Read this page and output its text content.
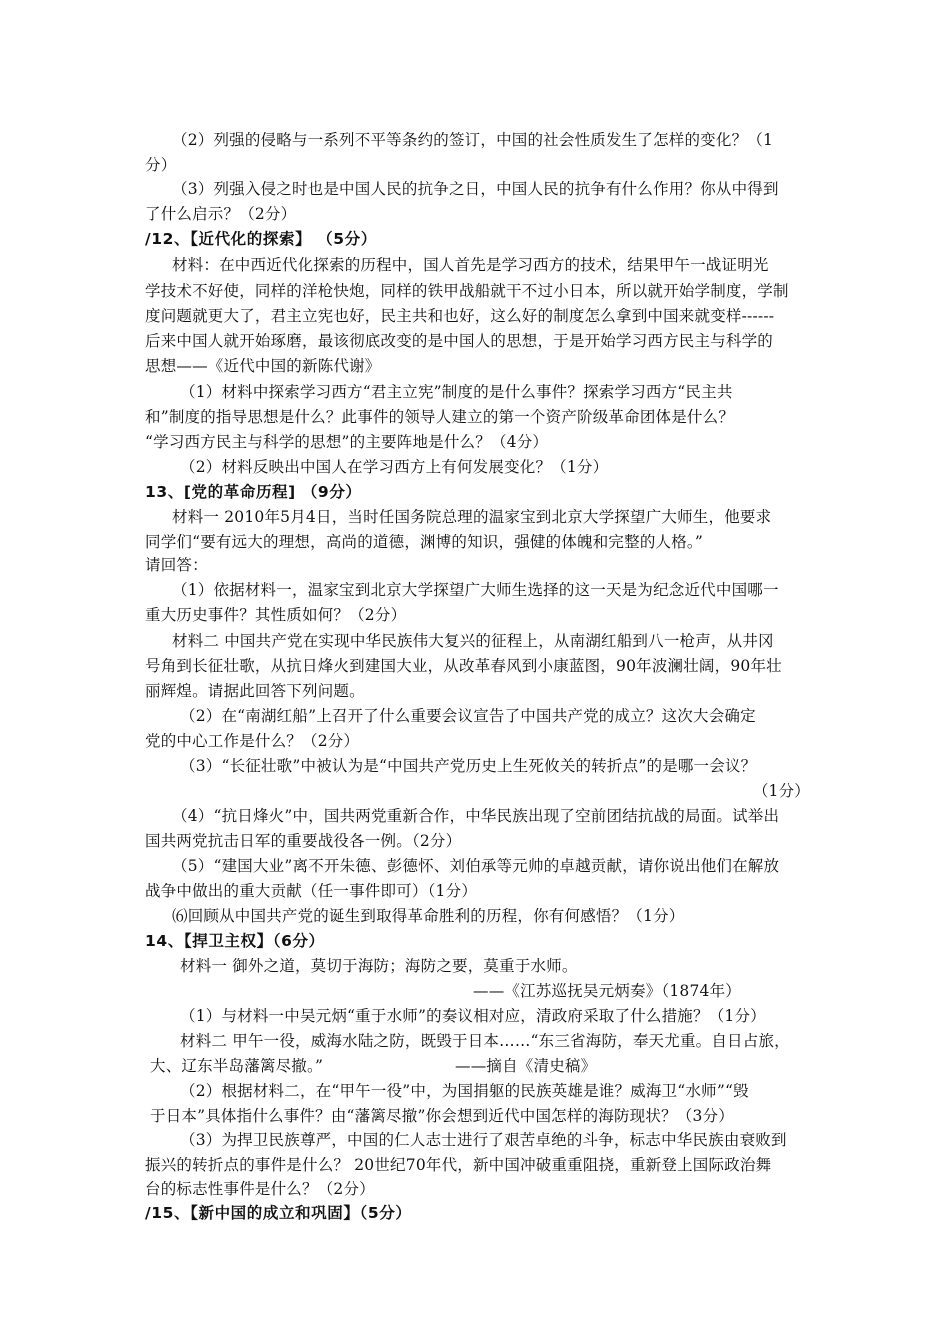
（2）列强的侵略与一系列不平等条约的签订，中国的社会性质发生了怎样的变化？（1
分）
（3）列强入侵之时也是中国人民的抗争之日，中国人民的抗争有什么作用？你从中得到
了什么启示？（2分）
/12、【近代化的探索】 （5分）
材料：在中西近代化探索的历程中，国人首先是学习西方的技术，结果甲午一战证明光
学技术不好使，同样的洋枪快炮，同样的铁甲战船就干不过小日本，所以就开始学制度，学制
度问题就更大了，君主立宪也好，民主共和也好，这么好的制度怎么拿到中国来就变样------
后来中国人就开始琢磨，最该彻底改变的是中国人的思想，于是开始学习西方民主与科学的
思想——《近代中国的新陈代谢》
（1）材料中探索学习西方“君主立宪”制度的是什么事件？探索学习西方“民主共
和”制度的指导思想是什么？此事件的领导人建立的第一个资产阶级革命团体是什么？
“学习西方民主与科学的思想”的主要阵地是什么？（4分）
（2）材料反映出中国人在学习西方上有何发展变化？（1分）
13、[党的革命历程] （9分）
材料一 2010年5月4日，当时任国务院总理的温家宝到北京大学探望广大师生，他要求
同学们“要有远大的理想，高尚的道德，渊博的知识，强健的体魄和完整的人格。”
请回答：
（1）依据材料一，温家宝到北京大学探望广大师生选择的这一天是为纪念近代中国哪一
重大历史事件？其性质如何？（2分）
材料二 中国共产党在实现中华民族伟大复兴的征程上，从南湖红船到八一枪声，从井冈
号角到长征壮歌，从抗日烽火到建国大业，从改革春风到小康蓝图，90年波澜壮阔，90年壮
丽辉煌。请据此回答下列问题。
（2）在“南湖红船”上召开了什么重要会议宣告了中国共产党的成立？这次大会确定
党的中心工作是什么？（2分）
（3）“长征壮歌”中被认为是“中国共产党历史上生死攸关的转折点”的是哪一会议？
（1分）
（4）“抗日烽火”中，国共两党重新合作，中华民族出现了空前团结抗战的局面。试举出
国共两党抗击日军的重要战役各一例。（2分）
（5）“建国大业”离不开朱德、彭德怀、刘伯承等元帅的卓越贡献，请你说出他们在解放
战争中做出的重大贡献（任一事件即可）（1分）
⑹回顾从中国共产党的诞生到取得革命胜利的历程，你有何感悟？（1分）
14、【捍卫主权】（6分）
材料一 御外之道，莫切于海防；海防之要，莫重于水师。
——《江苏巡抚吴元炳奏》（1874年）
（1）与材料一中吴元炳“重于水师”的奏议相对应，清政府采取了什么措施？（1分）
材料二 甲午一役，威海水陆之防，既毁于日本……“东三省海防，奉天尤重。自日占旅，
大、辽东半岛藩篱尽撤。”	——摘自《清史稿》
（2）根据材料二，在“甲午一役”中，为国捐躯的民族英雄是谁？威海卫“水师”“毁
于日本”具体指什么事件？由“藩篱尽撤”你会想到近代中国怎样的海防现状？（3分）
（3）为捍卫民族尊严，中国的仁人志士进行了艰苦卓绝的斗争，标志中华民族由衰败到
振兴的转折点的事件是什么？ 20世纪70年代，新中国冲破重重阻挠，重新登上国际政治舞
台的标志性事件是什么？（2分）
/15、【新中国的成立和巩固】（5分）
